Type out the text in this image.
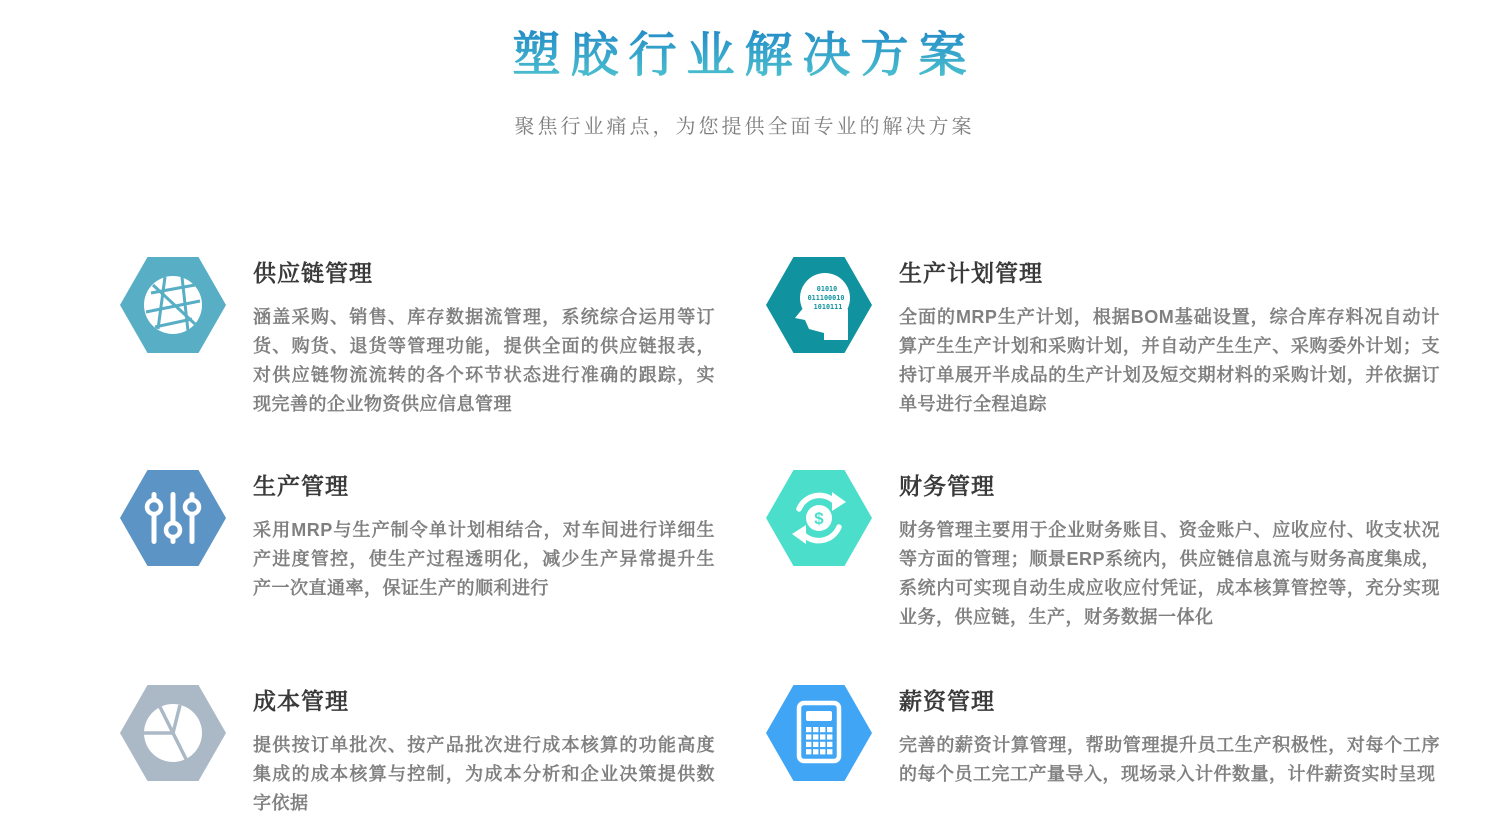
塑胶行业解决方案
聚焦行业痛点，为您提供全面专业的解决方案
供应链管理

涵盖采购、销售、库存数据流管理，系统综合运用等订货、购货、退货等管理功能，提供全面的供应链报表，对供应链物流流转的各个环节状态进行准确的跟踪，实现完善的企业物资供应信息管理

01010
011100010
1010111
生产计划管理

全面的MRP生产计划，根据BOM基础设置，综合库存料况自动计算产生生产计划和采购计划，并自动产生生产、采购委外计划；支持订单展开半成品的生产计划及短交期材料的采购计划，并依据订单号进行全程追踪

生产管理

采用MRP与生产制令单计划相结合，对车间进行详细生产进度管控，使生产过程透明化，减少生产异常提升生产一次直通率，保证生产的顺利进行

$
财务管理

财务管理主要用于企业财务账目、资金账户、应收应付、收支状况等方面的管理；顺景ERP系统内，供应链信息流与财务高度集成，系统内可实现自动生成应收应付凭证，成本核算管控等，充分实现业务，供应链，生产，财务数据一体化

成本管理

提供按订单批次、按产品批次进行成本核算的功能高度集成的成本核算与控制，为成本分析和企业决策提供数字依据

薪资管理

完善的薪资计算管理，帮助管理提升员工生产积极性，对每个工序的每个员工完工产量导入，现场录入计件数量，计件薪资实时呈现
